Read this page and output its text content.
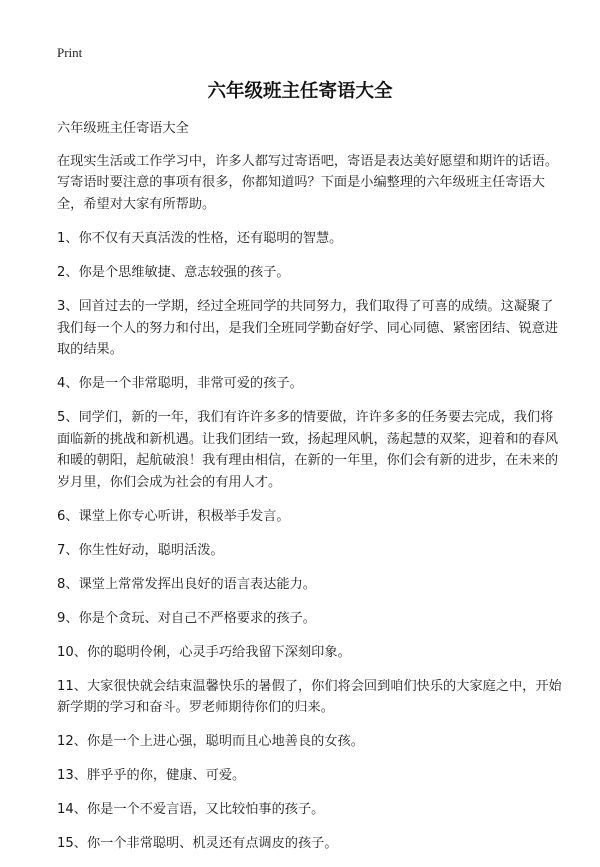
Print
六年级班主任寄语大全

六年级班主任寄语大全

在现实生活或工作学习中，许多人都写过寄语吧，寄语是表达美好愿望和期许的话语。写寄语时要注意的事项有很多，你都知道吗？下面是小编整理的六年级班主任寄语大全，希望对大家有所帮助。

1、你不仅有天真活泼的性格，还有聪明的智慧。

2、你是个思维敏捷、意志较强的孩子。

3、回首过去的一学期，经过全班同学的共同努力，我们取得了可喜的成绩。这凝聚了我们每一个人的努力和付出，是我们全班同学勤奋好学、同心同德、紧密团结、锐意进取的结果。

4、你是一个非常聪明，非常可爱的孩子。

5、同学们，新的一年，我们有许许多多的情要做，许许多多的任务要去完成，我们将面临新的挑战和新机遇。让我们团结一致，扬起理风帆，荡起慧的双桨，迎着和的春风和暖的朝阳，起航破浪！我有理由相信，在新的一年里，你们会有新的进步，在未来的岁月里，你们会成为社会的有用人才。

6、课堂上你专心听讲，积极举手发言。

7、你生性好动，聪明活泼。

8、课堂上常常发挥出良好的语言表达能力。

9、你是个贪玩、对自己不严格要求的孩子。

10、你的聪明伶俐，心灵手巧给我留下深刻印象。

11、大家很快就会结束温馨快乐的暑假了，你们将会回到咱们快乐的大家庭之中，开始新学期的学习和奋斗。罗老师期待你们的归来。

12、你是一个上进心强，聪明而且心地善良的女孩。

13、胖乎乎的你，健康、可爱。

14、你是一个不爱言语，又比较怕事的孩子。

15、你一个非常聪明、机灵还有点调皮的孩子。
